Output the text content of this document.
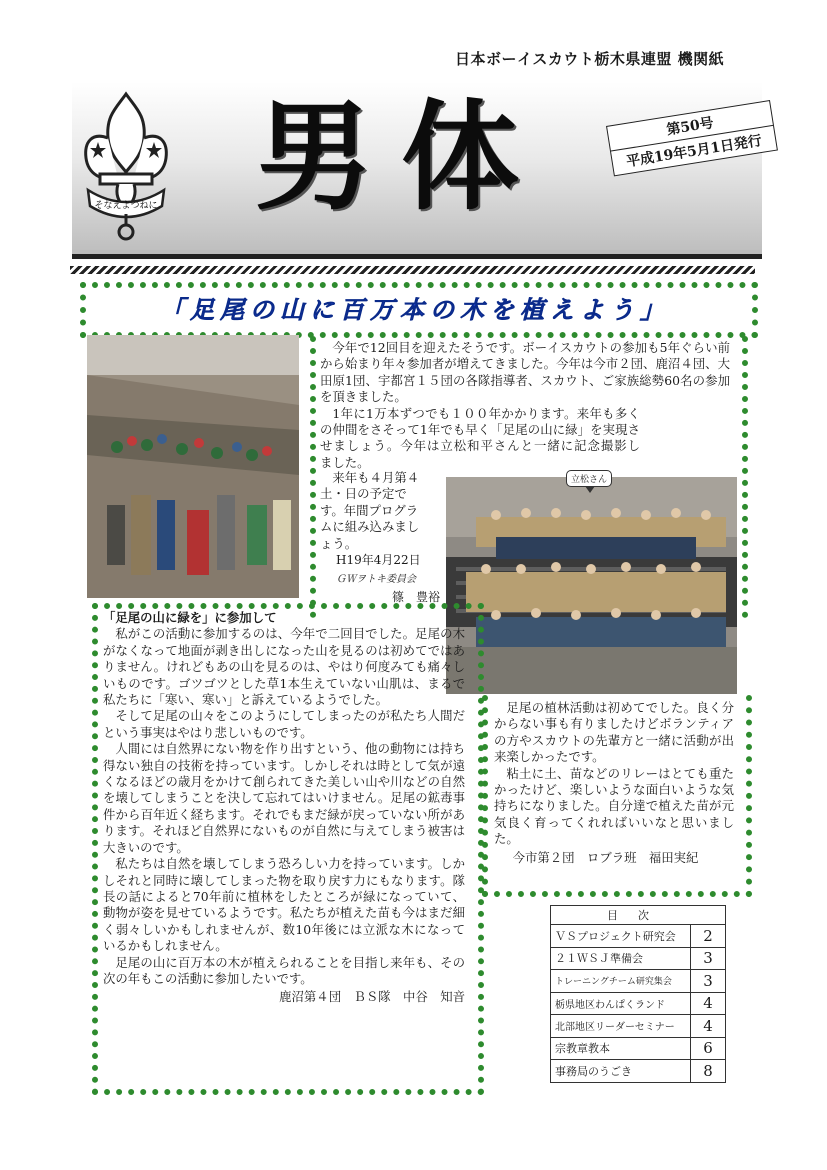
日本ボーイスカウト栃木県連盟 機関紙
そなえよつねに 男体	第50号
平成19年5月1日発行
「足尾の山に百万本の木を植えよう」

今年で12回目を迎えたそうです。ボーイスカウトの参加も5年ぐらい前から始まり年々参加者が増えてきました。今年は今市２団、鹿沼４団、大田原1団、宇都宮１５団の各隊指導者、スカウト、ご家族総勢60名の参加を頂きました。

1年に1万本ずつでも１００年かかります。来年も多くの仲間をさそって1年でも早く「足尾の山に緑」を実現させましょう。今年は立松和平さんと一緒に記念撮影し　　　　　ました。

来年も４月第４土・日の予定です。年間プログラムに組み込みましょう。
H19年4月22日
ＧＷヲトキ委員会
篠　豊裕
立松さん

「足尾の山に緑を」に参加して

私がこの活動に参加するのは、今年で二回目でした。足尾の木がなくなって地面が剥き出しになった山を見るのは初めてではありません。けれどもあの山を見るのは、やはり何度みても痛々しいものです。ゴツゴツとした草1本生えていない山肌は、まるで私たちに「寒い、寒い」と訴えているようでした。

そして足尾の山々をこのようにしてしまったのが私たち人間だという事実はやはり悲しいものです。

人間には自然界にない物を作り出すという、他の動物には持ち得ない独自の技術を持っています。しかしそれは時として気が遠くなるほどの歳月をかけて創られてきた美しい山や川などの自然を壊してしまうことを決して忘れてはいけません。足尾の鉱毒事件から百年近く経ちます。それでもまだ緑が戻っていない所があります。それほど自然界にないものが自然に与えてしまう被害は大きいのです。

私たちは自然を壊してしまう恐ろしい力を持っています。しかしそれと同時に壊してしまった物を取り戻す力にもなります。隊長の話によると70年前に植林をしたところが緑になっていて、動物が姿を見せているようです。私たちが植えた苗も今はまだ細く弱々しいかもしれませんが、数10年後には立派な木になっているかもしれません。

足尾の山に百万本の木が植えられることを目指し来年も、その次の年もこの活動に参加したいです。

鹿沼第４団　ＢＳ隊　中谷　知音

足尾の植林活動は初めてでした。良く分からない事も有りましたけどボランティアの方やスカウトの先輩方と一緒に活動が出来楽しかったです。

粘土に土、苗などのリレーはとても重たかったけど、楽しいような面白いような気持ちになりました。自分達で植えた苗が元気良く育ってくれればいいなと思いました。

今市第２団　ロブラ班　福田実紀
目次	
ＶＳプロジェクト研究会	2
２１ＷＳＪ準備会	3
トレーニングチーム研究集会	3
栃県地区わんぱくランド	4
北部地区リーダーセミナー	4
宗教章教本	6
事務局のうごき	8
